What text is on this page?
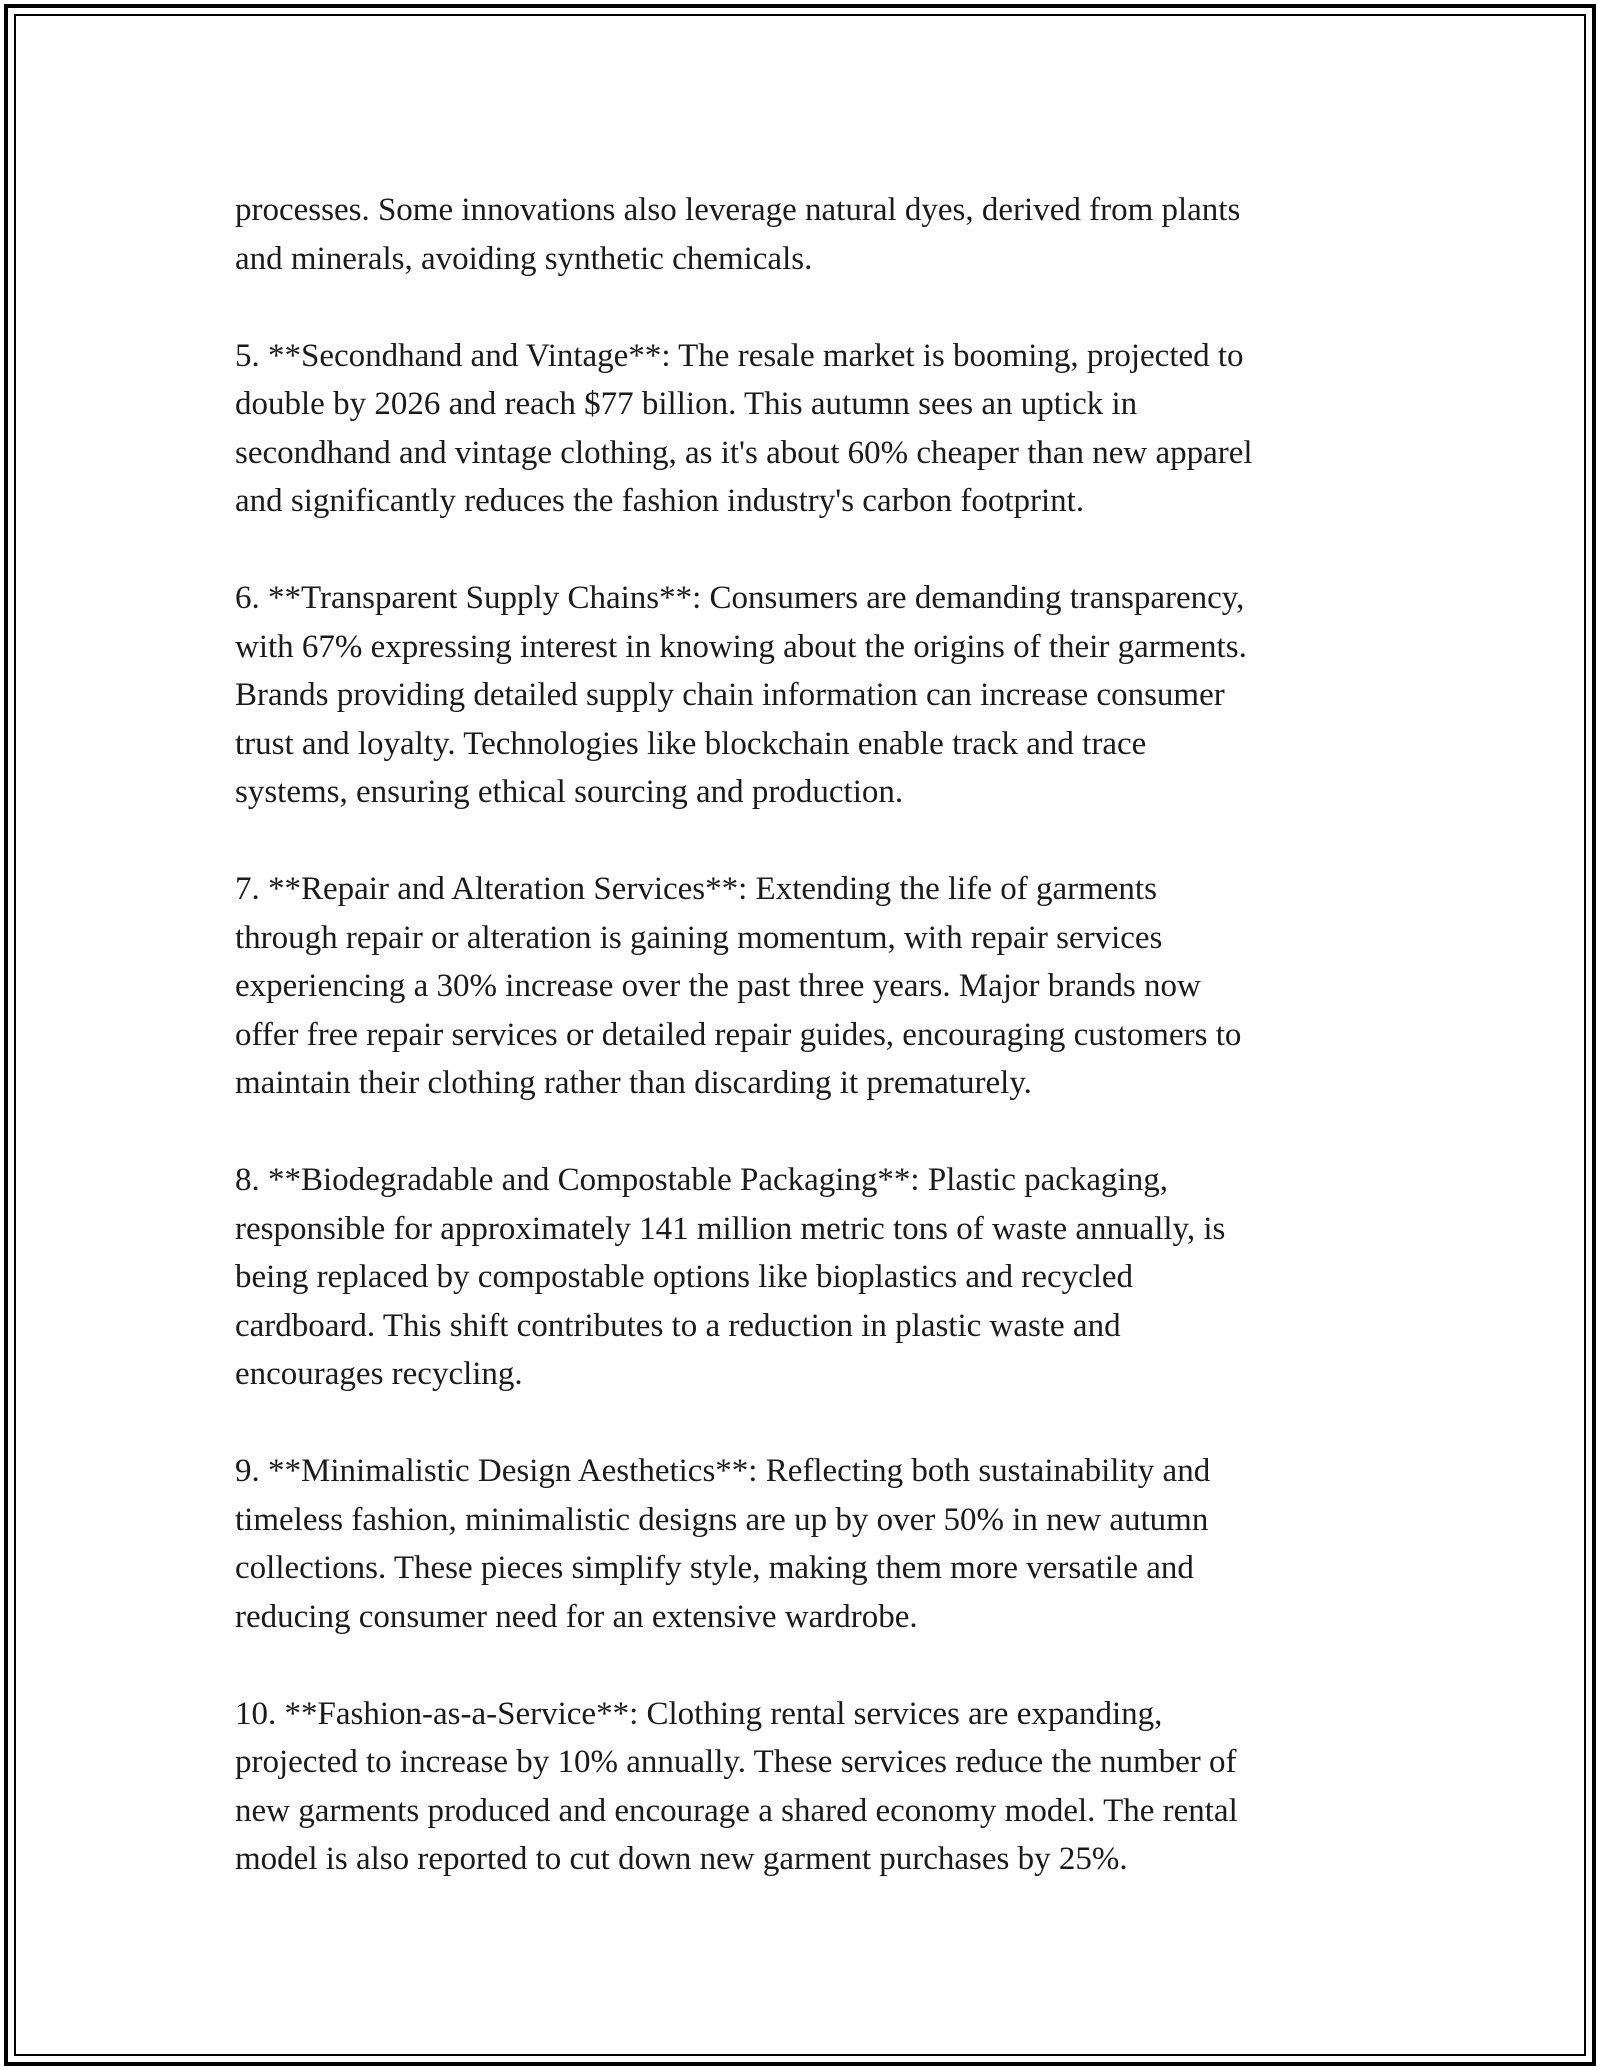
processes. Some innovations also leverage natural dyes, derived from plants
and minerals, avoiding synthetic chemicals.

5. **Secondhand and Vintage**: The resale market is booming, projected to
double by 2026 and reach $77 billion. This autumn sees an uptick in
secondhand and vintage clothing, as it's about 60% cheaper than new apparel
and significantly reduces the fashion industry's carbon footprint.

6. **Transparent Supply Chains**: Consumers are demanding transparency,
with 67% expressing interest in knowing about the origins of their garments.
Brands providing detailed supply chain information can increase consumer
trust and loyalty. Technologies like blockchain enable track and trace
systems, ensuring ethical sourcing and production.

7. **Repair and Alteration Services**: Extending the life of garments
through repair or alteration is gaining momentum, with repair services
experiencing a 30% increase over the past three years. Major brands now
offer free repair services or detailed repair guides, encouraging customers to
maintain their clothing rather than discarding it prematurely.

8. **Biodegradable and Compostable Packaging**: Plastic packaging,
responsible for approximately 141 million metric tons of waste annually, is
being replaced by compostable options like bioplastics and recycled
cardboard. This shift contributes to a reduction in plastic waste and
encourages recycling.

9. **Minimalistic Design Aesthetics**: Reflecting both sustainability and
timeless fashion, minimalistic designs are up by over 50% in new autumn
collections. These pieces simplify style, making them more versatile and
reducing consumer need for an extensive wardrobe.

10. **Fashion-as-a-Service**: Clothing rental services are expanding,
projected to increase by 10% annually. These services reduce the number of
new garments produced and encourage a shared economy model. The rental
model is also reported to cut down new garment purchases by 25%.
